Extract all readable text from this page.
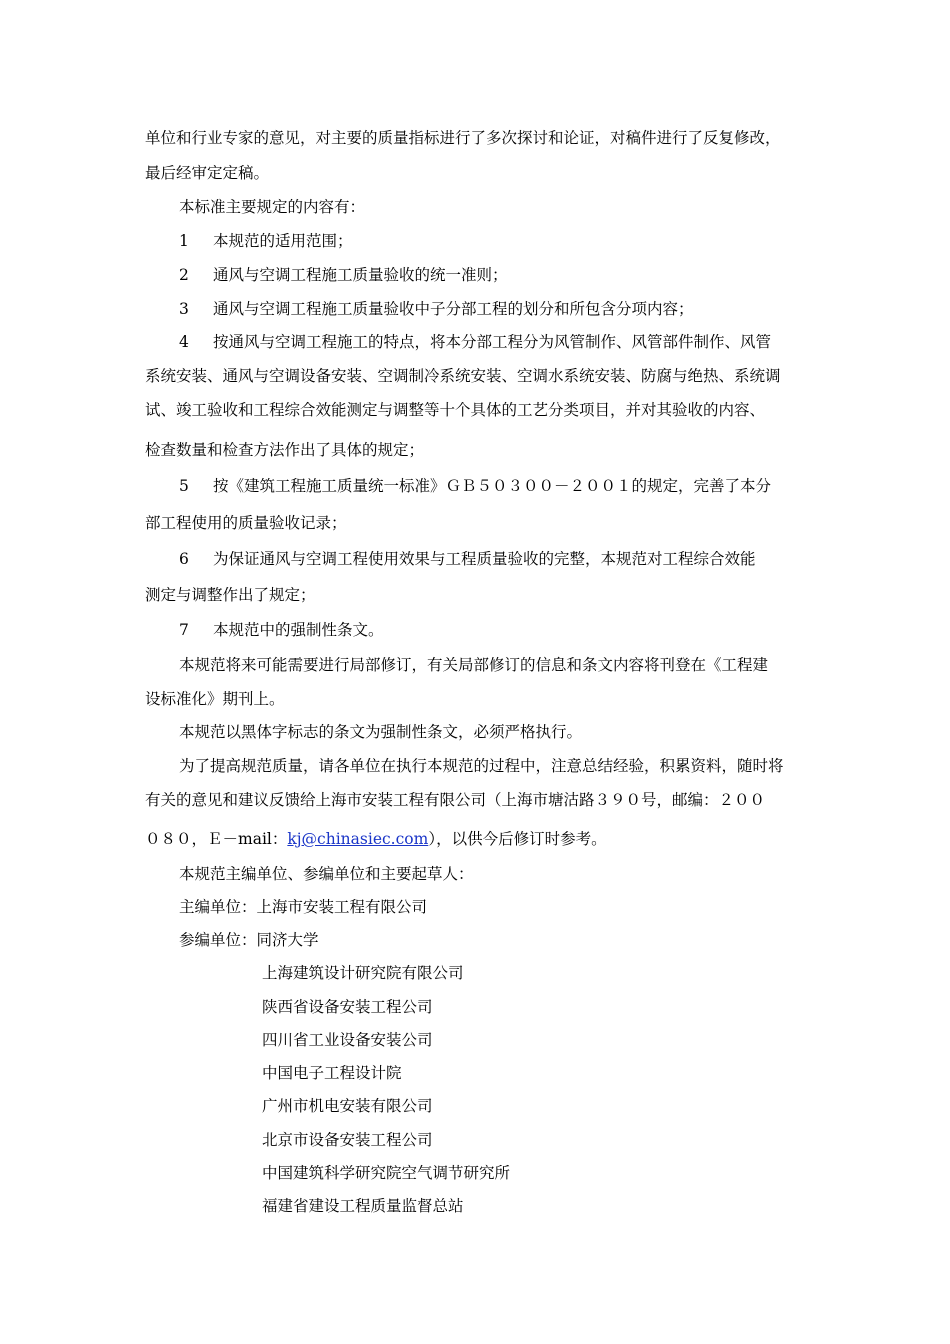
单位和行业专家的意见，对主要的质量指标进行了多次探讨和论证，对稿件进行了反复修改，
最后经审定定稿。
本标准主要规定的内容有：
1 本规范的适用范围；
2 通风与空调工程施工质量验收的统一准则；
3 通风与空调工程施工质量验收中子分部工程的划分和所包含分项内容；
4 按通风与空调工程施工的特点，将本分部工程分为风管制作、风管部件制作、风管
系统安装、通风与空调设备安装、空调制冷系统安装、空调水系统安装、防腐与绝热、系统调
试、竣工验收和工程综合效能测定与调整等十个具体的工艺分类项目，并对其验收的内容、
检查数量和检查方法作出了具体的规定；
5 按《建筑工程施工质量统一标准》ＧＢ５０３００－２００１的规定，完善了本分
部工程使用的质量验收记录；
6 为保证通风与空调工程使用效果与工程质量验收的完整，本规范对工程综合效能
测定与调整作出了规定；
7 本规范中的强制性条文。
本规范将来可能需要进行局部修订，有关局部修订的信息和条文内容将刊登在《工程建
设标准化》期刊上。
本规范以黑体字标志的条文为强制性条文，必须严格执行。
为了提高规范质量，请各单位在执行本规范的过程中，注意总结经验，积累资料，随时将
有关的意见和建议反馈给上海市安装工程有限公司（上海市塘沽路３９０号，邮编：２００
０８０，Ｅ－mail：kj@chinasiec.com），以供今后修订时参考。
本规范主编单位、参编单位和主要起草人：
主编单位：上海市安装工程有限公司
参编单位：同济大学
上海建筑设计研究院有限公司
陕西省设备安装工程公司
四川省工业设备安装公司
中国电子工程设计院
广州市机电安装有限公司
北京市设备安装工程公司
中国建筑科学研究院空气调节研究所
福建省建设工程质量监督总站
